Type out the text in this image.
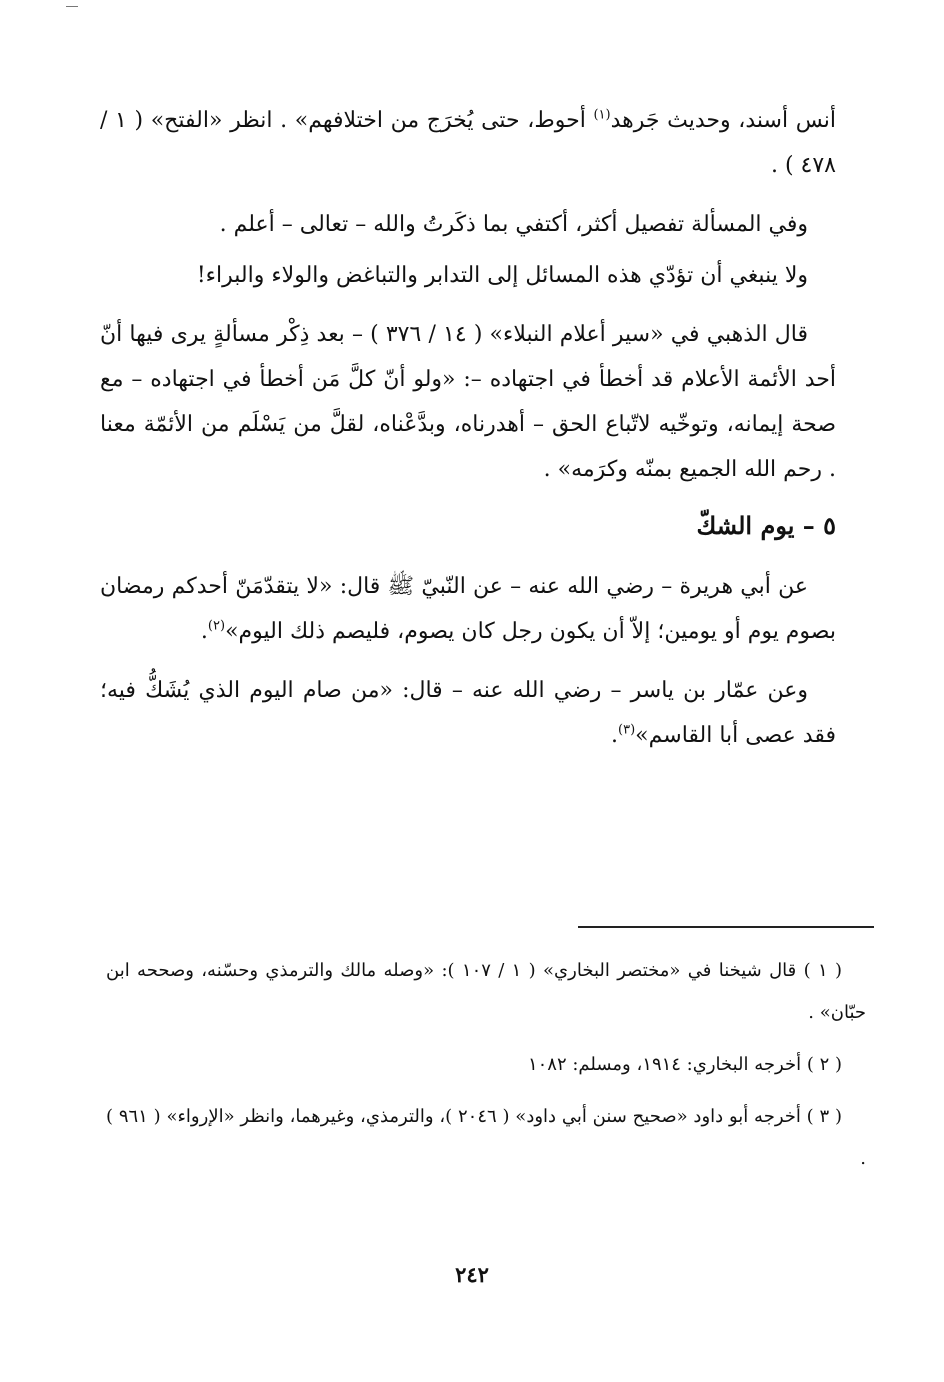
أنس أسند، وحديث جَرهد$^{(١)}$ أحوط، حتى يُخرَج من اختلافهم» . انظر «الفتح» ( ١ / ٤٧٨ ) .

وفي المسألة تفصيل أكثر، أكتفي بما ذكَرتُ والله – تعالى – أعلم .

ولا ينبغي أن تؤدّي هذه المسائل إلى التدابر والتباغض والولاء والبراء!

قال الذهبي في «سير أعلام النبلاء» ( ١٤ / ٣٧٦ ) – بعد ذِكْر مسألةٍ يرى فيها أنّ أحد الأئمة الأعلام قد أخطأ في اجتهاده –: «ولو أنّ كلَّ مَن أخطأ في اجتهاده – مع صحة إيمانه، وتوخّيه لاتّباع الحق – أهدرناه، وبدَّعْناه، لقلَّ من يَسْلَم من الأئمّة معنا . رحم الله الجميع بمنّه وكرَمه» .

٥ – يوم الشكّ

عن أبي هريرة – رضي الله عنه – عن النّبيّ ﷺ قال: «لا يتقدّمَنّ أحدكم رمضان بصوم يوم أو يومين؛ إلاّ أن يكون رجل كان يصوم، فليصم ذلك اليوم»$^{(٢)}$.

وعن عمّار بن ياسر – رضي الله عنه – قال: «من صام اليوم الذي يُشَكُّ فيه؛ فقد عصى أبا القاسم»$^{(٣)}$.

( ١ ) قال شيخنا في «مختصر البخاري» ( ١ / ١٠٧ ): «وصله مالك والترمذي وحسّنه، وصححه ابن حبّان» .

( ٢ ) أخرجه البخاري: ١٩١٤، ومسلم: ١٠٨٢

( ٣ ) أخرجه أبو داود «صحيح سنن أبي داود» ( ٢٠٤٦ )، والترمذي، وغيرهما، وانظر «الإرواء» ( ٩٦١ ) .

٢٤٢
